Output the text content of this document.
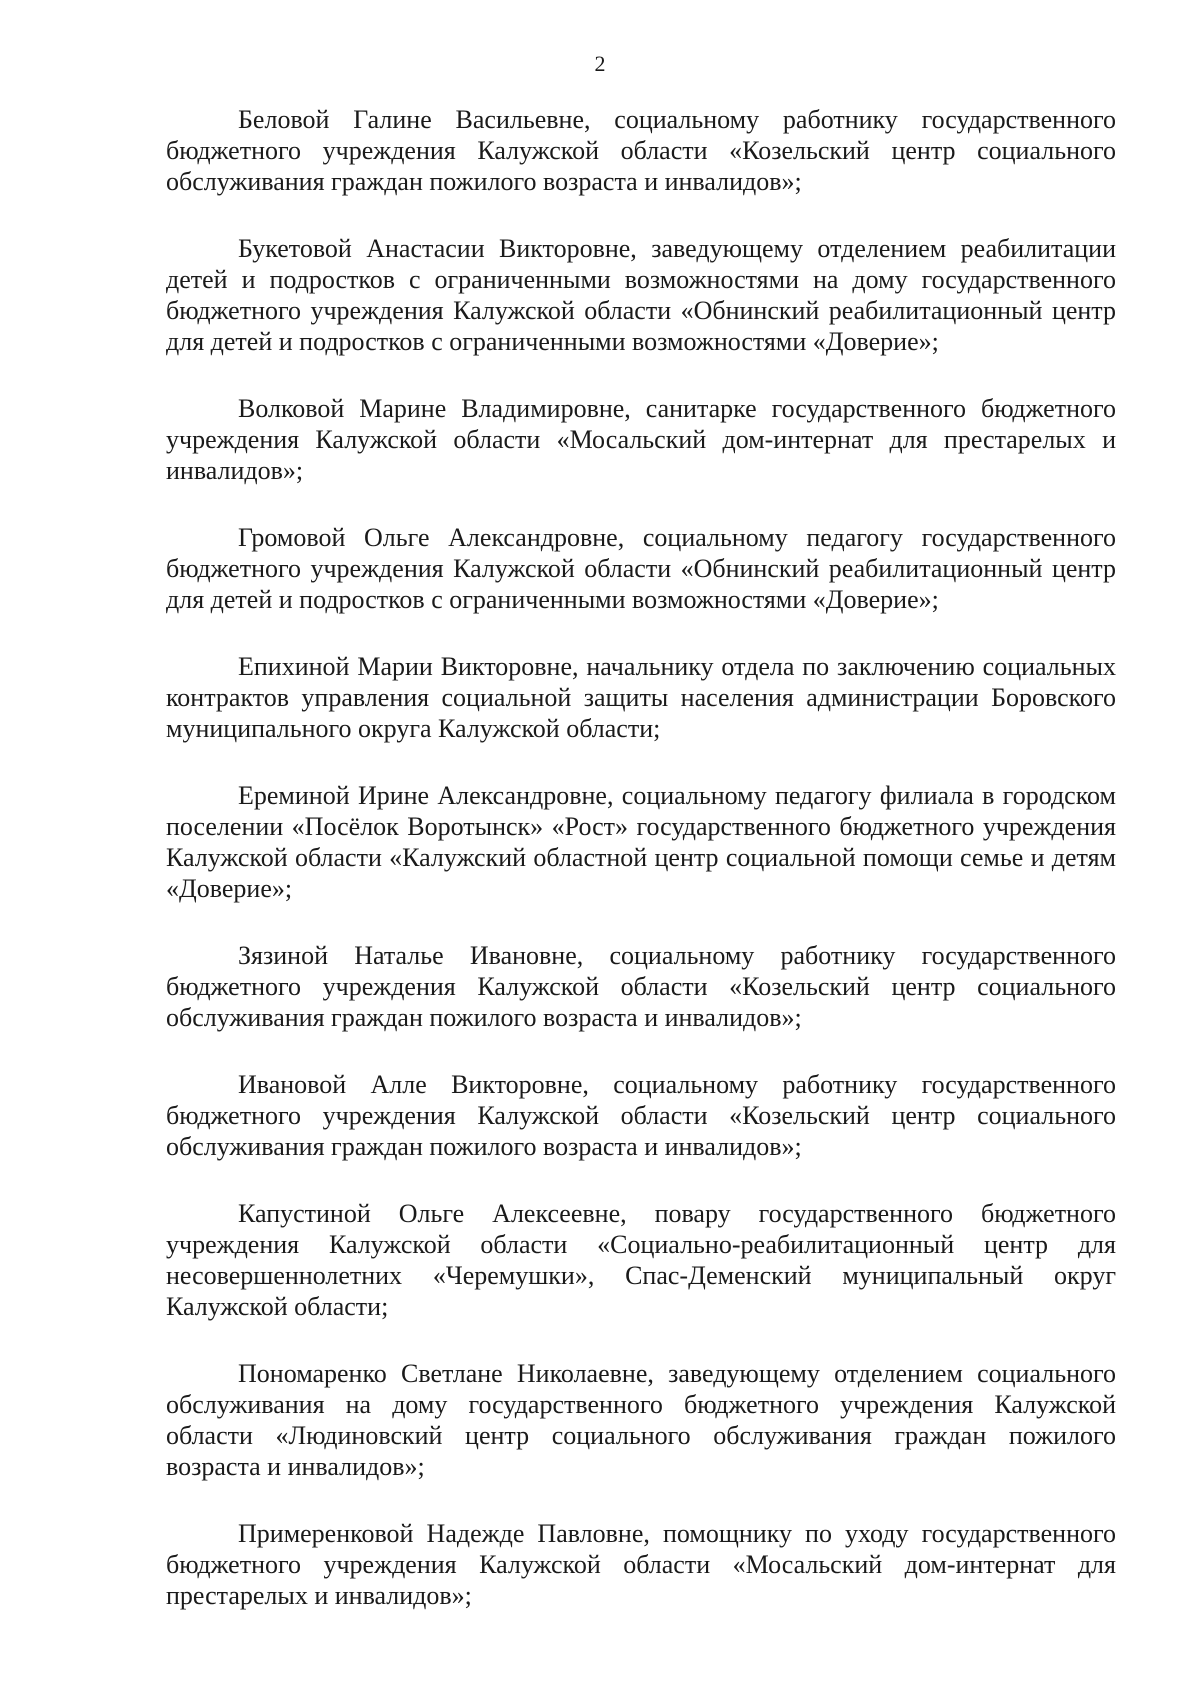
2

Беловой Галине Васильевне, социальному работнику государственного бюджетного учреждения Калужской области «Козельский центр социального обслуживания граждан пожилого возраста и инвалидов»;

Букетовой Анастасии Викторовне, заведующему отделением реабилитации детей и подростков с ограниченными возможностями на дому государственного бюджетного учреждения Калужской области «Обнинский реабилитационный центр для детей и подростков с ограниченными возможностями «Доверие»;

Волковой Марине Владимировне, санитарке государственного бюджетного учреждения Калужской области «Мосальский дом-интернат для престарелых и инвалидов»;

Громовой Ольге Александровне, социальному педагогу государственного бюджетного учреждения Калужской области «Обнинский реабилитационный центр для детей и подростков с ограниченными возможностями «Доверие»;

Епихиной Марии Викторовне, начальнику отдела по заключению социальных контрактов управления социальной защиты населения администрации Боровского муниципального округа Калужской области;

Ереминой Ирине Александровне, социальному педагогу филиала в городском поселении «Посёлок Воротынск» «Рост» государственного бюджетного учреждения Калужской области «Калужский областной центр социальной помощи семье и детям «Доверие»;

Зязиной Наталье Ивановне, социальному работнику государственного бюджетного учреждения Калужской области «Козельский центр социального обслуживания граждан пожилого возраста и инвалидов»;

Ивановой Алле Викторовне, социальному работнику государственного бюджетного учреждения Калужской области «Козельский центр социального обслуживания граждан пожилого возраста и инвалидов»;

Капустиной Ольге Алексеевне, повару государственного бюджетного учреждения Калужской области «Социально-реабилитационный центр для несовершеннолетних «Черемушки», Спас-Деменский муниципальный округ Калужской области;

Пономаренко Светлане Николаевне, заведующему отделением социального обслуживания на дому государственного бюджетного учреждения Калужской области «Людиновский центр социального обслуживания граждан пожилого возраста и инвалидов»;

Примеренковой Надежде Павловне, помощнику по уходу государственного бюджетного учреждения Калужской области «Мосальский дом-интернат для престарелых и инвалидов»;
